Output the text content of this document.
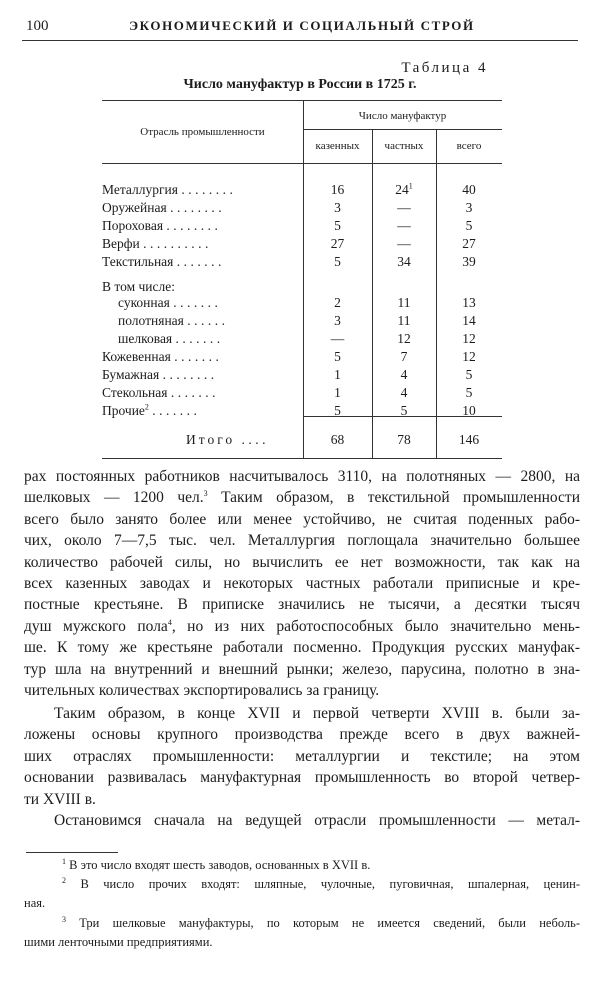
100	ЭКОНОМИЧЕСКИЙ И СОЦИАЛЬНЫЙ СТРОЙ
Таблица 4
Число мануфактур в России в 1725 г.
Отрасль промышленности
Число мануфактур
казенных	частных	всего
Металлургия ........	16	$24^1$	40
Оружейная ........	3	—	3
Пороховая ........	5	—	5
Верфи ..........	27	—	27
Текстильная .......	5	34	39
В том числе:
суконная .......	2	11	13
полотняная ......	3	11	14
шелковая .......	—	12	12
Кожевенная .......	5	7	12
Бумажная ........	1	4	5
Стекольная .......	1	4	5
Прочие$^2$ .......	5	5	10
Итого ....	68	78	146
рах постоянных работников насчитывалось 3110, на полотняных — 2800, на
шелковых — 1200 чел.$^3$ Таким образом, в текстильной промышленности
всего было занято более или менее устойчиво, не считая поденных рабо-
чих, около 7—7,5 тыс. чел. Металлургия поглощала значительно большее
количество рабочей силы, но вычислить ее нет возможности, так как на
всех казенных заводах и некоторых частных работали приписные и кре-
постные крестьяне. В приписке значились не тысячи, а десятки тысяч
душ мужского пола$^4$, но из них работоспособных было значительно мень-
ше. К тому же крестьяне работали посменно. Продукция русских мануфак-
тур шла на внутренний и внешний рынки; железо, парусина, полотно в зна-
чительных количествах экспортировались за границу.
Таким образом, в конце XVII и первой четверти XVIII в. были за-
ложены основы крупного производства прежде всего в двух важней-
ших отраслях промышленности: металлургии и текстиле; на этом
основании развивалась мануфактурная промышленность во второй четвер-
ти XVIII в.
Остановимся сначала на ведущей отрасли промышленности — метал-
$^1$ В это число входят шесть заводов, основанных в XVII в.
$^2$ В число прочих входят: шляпные, чулочные, пуговичная, шпалерная, ценин-
ная.
$^3$ Три шелковые мануфактуры, по которым не имеется сведений, были неболь-
шими ленточными предприятиями.
